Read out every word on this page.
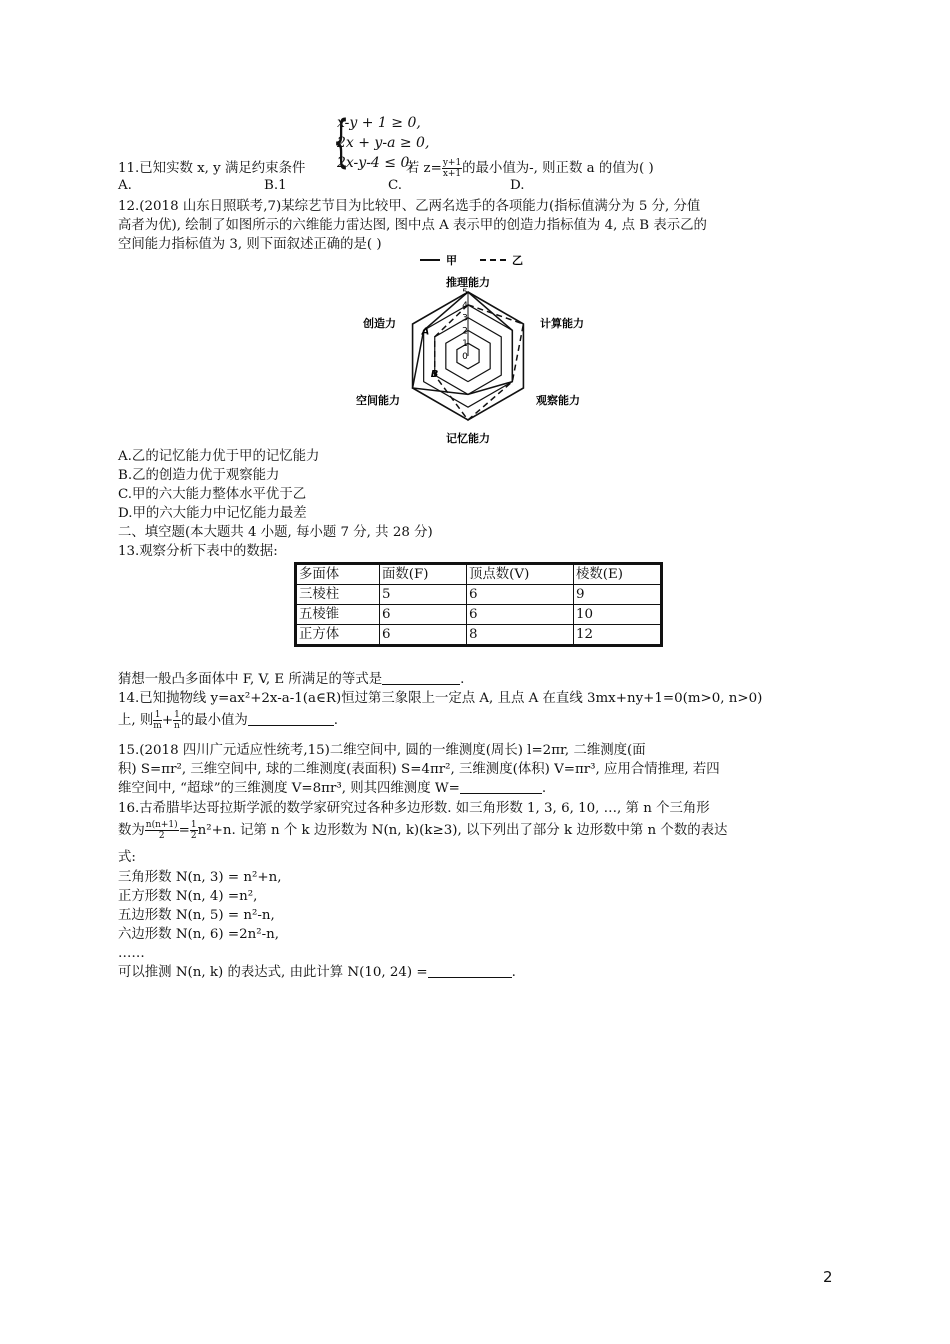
{
x-y + 1 ≥ 0,
2x + y-a ≥ 0,
2x-y-4 ≤ 0,
11.已知实数 x, y 满足约束条件	若 $z= \frac{y+1}{x+1}$ 的最小值为-, 则正数 a 的值为( )
A.	B.1	C.	D.
12.(2018 山东日照联考,7)某综艺节目为比较甲、乙两名选手的各项能力(指标值满分为 5 分, 分值
高者为优), 绘制了如图所示的六维能力雷达图, 图中点 A 表示甲的创造力指标值为 4, 点 B 表示乙的
空间能力指标值为 3, 则下面叙述正确的是( )
甲	乙
0
1
2
3
4
5
A
B
推理能力
计算能力
观察能力
记忆能力
空间能力
创造力
A.乙的记忆能力优于甲的记忆能力
B.乙的创造力优于观察能力
C.甲的六大能力整体水平优于乙
D.甲的六大能力中记忆能力最差
二、填空题(本大题共 4 小题, 每小题 7 分, 共 28 分)
13.观察分析下表中的数据:
多面体	面数(F)	顶点数(V)	棱数(E)
三棱柱	5	6	9
五棱锥	6	6	10
正方体	6	8	12
猜想一般凸多面体中 F, V, E 所满足的等式是	.
14.已知抛物线 y=ax²+2x-a-1(a∈R)恒过第三象限上一定点 A, 且点 A 在直线 3mx+ny+1=0(m>0, n>0)
上, 则 $\frac{1}{m} + \frac{1}{n}$ 的最小值为	.
15.(2018 四川广元适应性统考,15)二维空间中, 圆的一维测度(周长) l=2πr, 二维测度(面
积) S=πr², 三维空间中, 球的二维测度(表面积) S=4πr², 三维测度(体积) V=πr³, 应用合情推理, 若四
维空间中, “超球”的三维测度 V=8πr³, 则其四维测度 W=	.
16.古希腊毕达哥拉斯学派的数学家研究过各种多边形数. 如三角形数 1, 3, 6, 10, …, 第 n 个三角形
数为 $\frac{n(n+1)}{2} = \frac{1}{2} n^2+n$. 记第 n 个 k 边形数为 N(n, k)(k≥3), 以下列出了部分 k 边形数中第 n 个数的表达
式:
三角形数 N(n, 3) = n²+n,
正方形数 N(n, 4) =n²,
五边形数 N(n, 5) = n²-n,
六边形数 N(n, 6) =2n²-n,
……
可以推测 N(n, k) 的表达式, 由此计算 N(10, 24) =	.
2
